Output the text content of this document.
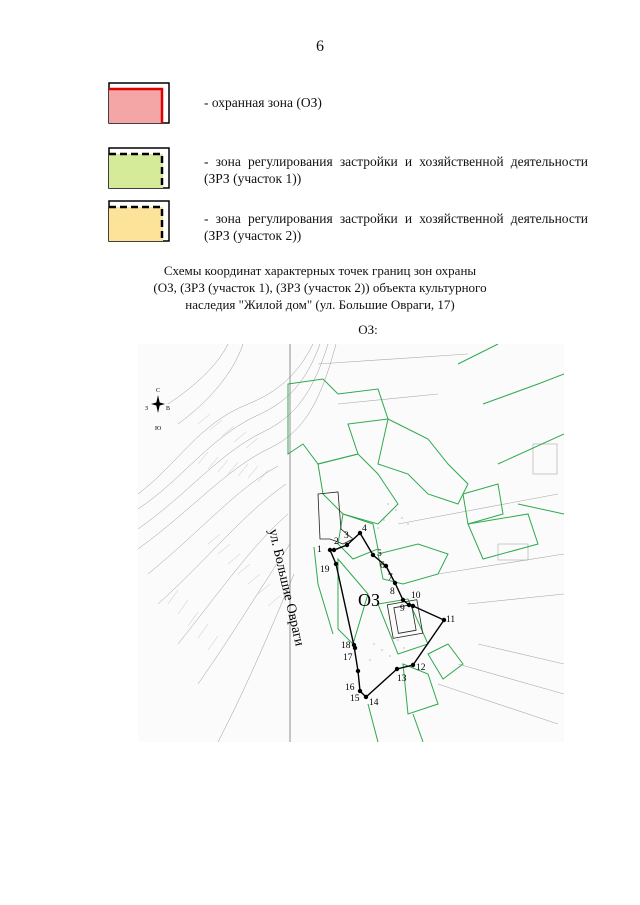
6
- охранная зона (ОЗ)
- зона регулирования застройки и хозяйственной деятельности (ЗРЗ (участок 1))
- зона регулирования застройки и хозяйственной деятельности (ЗРЗ (участок 2))
Схемы координат характерных точек границ зон охраны
(ОЗ, (ЗРЗ (участок 1), (ЗРЗ (участок 2)) объекта культурного
наследия "Жилой дом" (ул. Большие Овраги, 17)
ОЗ:
1
2
3
4
5
6
7
8
9
10
11
12
13
14
15
16
17
18
19
ОЗ
ул. Большие Овраги
С
Ю
З	В
